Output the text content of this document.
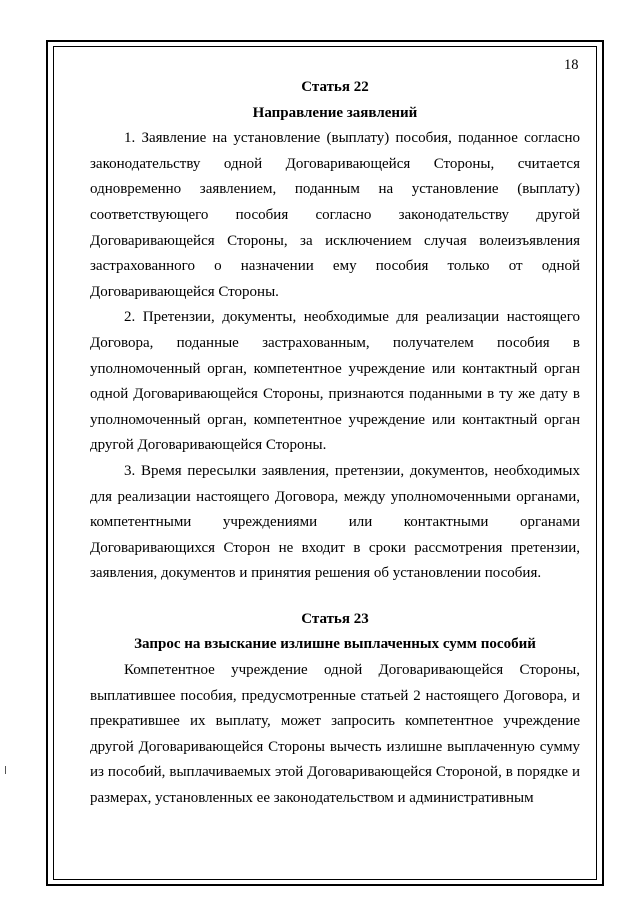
18

Статья 22

Направление заявлений

1. Заявление на установление (выплату) пособия, поданное согласно законодательству одной Договаривающейся Стороны, считается одновременно заявлением, поданным на установление (выплату) соответствующего пособия согласно законодательству другой Договаривающейся Стороны, за исключением случая волеизъявления застрахованного о назначении ему пособия только от одной Договаривающейся Стороны.

2. Претензии, документы, необходимые для реализации настоящего Договора, поданные застрахованным, получателем пособия в уполномоченный орган, компетентное учреждение или контактный орган одной Договаривающейся Стороны, признаются поданными в ту же дату в уполномоченный орган, компетентное учреждение или контактный орган другой Договаривающейся Стороны.

3. Время пересылки заявления, претензии, документов, необходимых для реализации настоящего Договора, между уполномоченными органами, компетентными учреждениями или контактными органами Договаривающихся Сторон не входит в сроки рассмотрения претензии, заявления, документов и принятия решения об установлении пособия.

Статья 23

Запрос на взыскание излишне выплаченных сумм пособий

Компетентное учреждение одной Договаривающейся Стороны, выплатившее пособия, предусмотренные статьей 2 настоящего Договора, и прекратившее их выплату, может запросить компетентное учреждение другой Договаривающейся Стороны вычесть излишне выплаченную сумму из пособий, выплачиваемых этой Договаривающейся Стороной, в порядке и размерах, установленных ее законодательством и административным
